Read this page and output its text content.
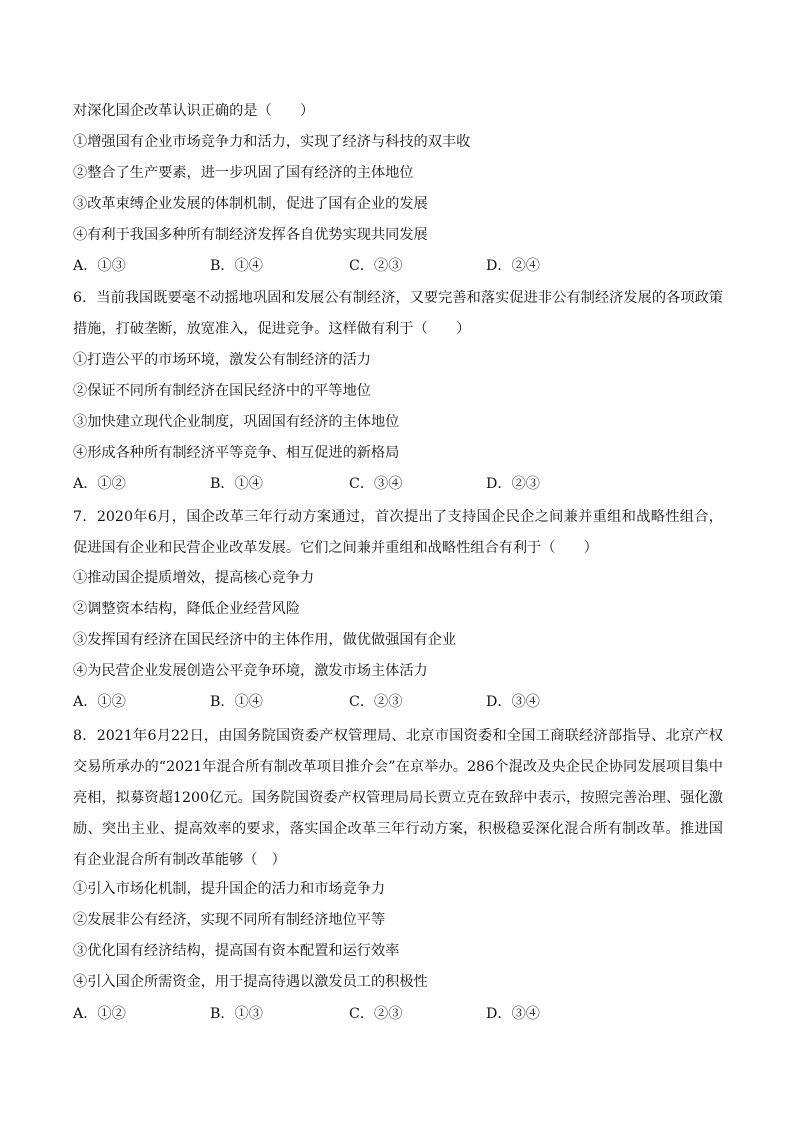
对深化国企改革认识正确的是（　　）
①增强国有企业市场竞争力和活力，实现了经济与科技的双丰收
②整合了生产要素，进一步巩固了国有经济的主体地位
③改革束缚企业发展的体制机制，促进了国有企业的发展
④有利于我国多种所有制经济发挥各自优势实现共同发展
A．①③	B．①④	C．②③	D．②④
6．当前我国既要毫不动摇地巩固和发展公有制经济，又要完善和落实促进非公有制经济发展的各项政策措施，打破垄断，放宽准入，促进竞争。这样做有利于（　　）
①打造公平的市场环境，激发公有制经济的活力
②保证不同所有制经济在国民经济中的平等地位
③加快建立现代企业制度，巩固国有经济的主体地位
④形成各种所有制经济平等竞争、相互促进的新格局
A．①②	B．①④	C．③④	D．②③
7．2020年6月，国企改革三年行动方案通过，首次提出了支持国企民企之间兼并重组和战略性组合，促进国有企业和民营企业改革发展。它们之间兼并重组和战略性组合有利于（　　）
①推动国企提质增效，提高核心竞争力
②调整资本结构，降低企业经营风险
③发挥国有经济在国民经济中的主体作用，做优做强国有企业
④为民营企业发展创造公平竞争环境，激发市场主体活力
A．①②	B．①④	C．②③	D．③④
8．2021年6月22日，由国务院国资委产权管理局、北京市国资委和全国工商联经济部指导、北京产权交易所承办的“2021年混合所有制改革项目推介会”在京举办。286个混改及央企民企协同发展项目集中亮相，拟募资超1200亿元。国务院国资委产权管理局局长贾立克在致辞中表示，按照完善治理、强化激励、突出主业、提高效率的要求，落实国企改革三年行动方案，积极稳妥深化混合所有制改革。推进国有企业混合所有制改革能够（　）
①引入市场化机制，提升国企的活力和市场竞争力
②发展非公有经济，实现不同所有制经济地位平等
③优化国有经济结构，提高国有资本配置和运行效率
④引入国企所需资金，用于提高待遇以激发员工的积极性
A．①②	B．①③	C．②③	D．③④
